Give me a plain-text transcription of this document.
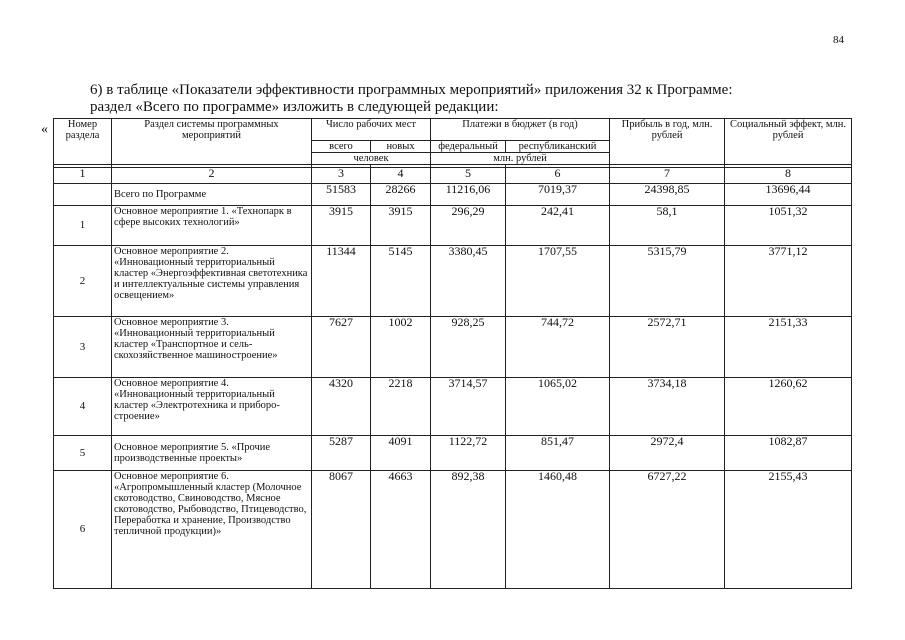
84
6) в таблице «Показатели эффективности программных мероприятий» приложения 32 к Программе:
раздел «Всего по программе» изложить в следующей редакции:
« Номер раздела	Раздел системы программных мероприятий	Число рабочих мест		Платежи в бюджет (в год)		Прибыль в год, млн. рублей	Социальный эффект, млн. рублей
		всего	новых	федеральный	республиканский		
		человек		млн. рублей			

1	2	3	4	5	6	7	8
	Всего по Программе	51583	28266	11216,06	7019,37	24398,85	13696,44
1	Основное мероприятие 1. «Технопарк в сфере высоких технологий»	3915	3915	296,29	242,41	58,1	1051,32
2	Основное мероприятие 2. «Инновационный территориальный кластер «Энергоэффективная светотехника и интеллектуальные системы управления освещением»	11344	5145	3380,45	1707,55	5315,79	3771,12
3	Основное мероприятие 3. «Инновационный территориальный кластер «Транспортное и сель-скохозяйственное машиностроение»	7627	1002	928,25	744,72	2572,71	2151,33
4	Основное мероприятие 4. «Инновационный территориальный кластер «Электротехника и приборо-строение»	4320	2218	3714,57	1065,02	3734,18	1260,62
5	Основное мероприятие 5. «Прочие производственные проекты»	5287	4091	1122,72	851,47	2972,4	1082,87
6	Основное мероприятие 6. «Агропромышленный кластер (Молочное скотоводство, Свиноводство, Мясное скотоводство, Рыбоводство, Птицеводство, Переработка и хранение, Производство тепличной продукции)»	8067	4663	892,38	1460,48	6727,22	2155,43
